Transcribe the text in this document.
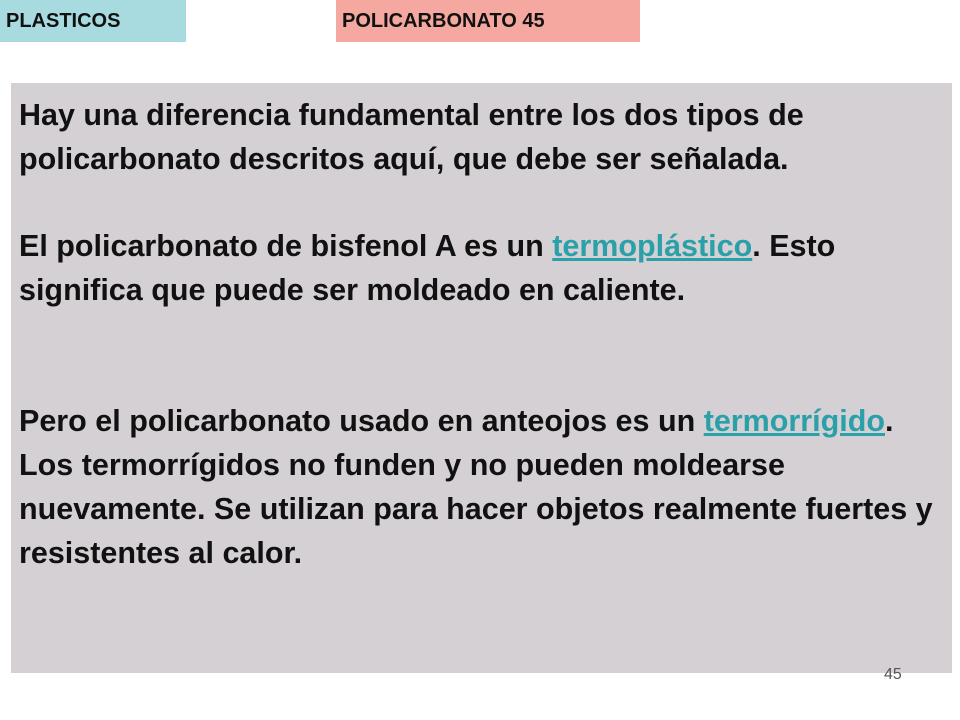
PLASTICOS	POLICARBONATO 45

Hay una diferencia fundamental entre los dos tipos de policarbonato descritos aquí, que debe ser señalada.

El policarbonato de bisfenol A es un termoplástico. Esto significa que puede ser moldeado en caliente.

Pero el policarbonato usado en anteojos es un termorrígido. Los termorrígidos no funden y no pueden moldearse nuevamente. Se utilizan para hacer objetos realmente fuertes y resistentes al calor.

45
